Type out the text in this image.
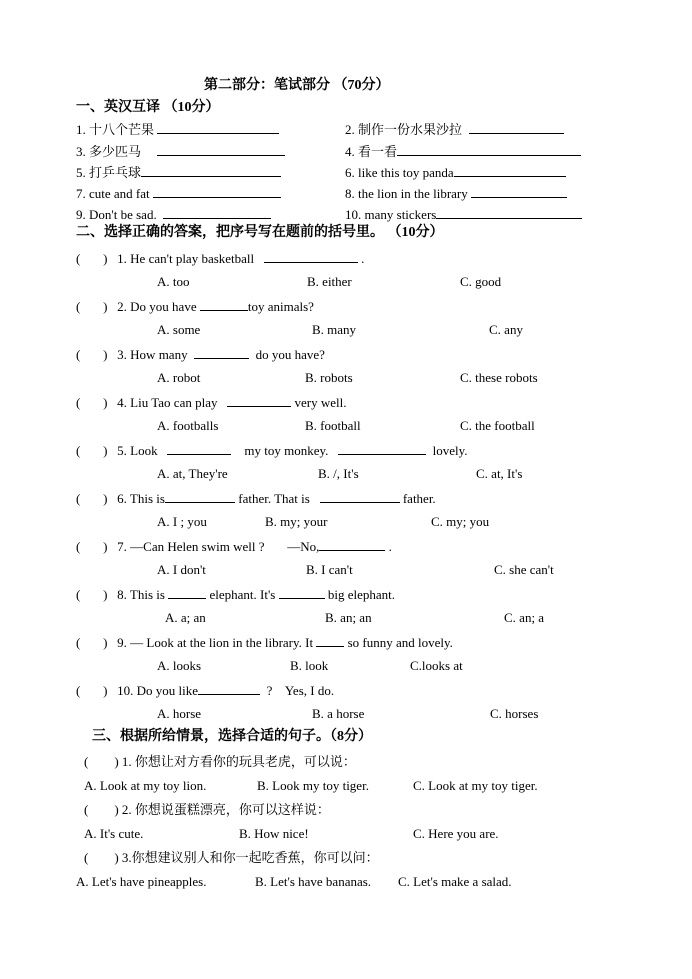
第二部分：笔试部分 （70分）
一、英汉互译 （10分）
1. 十八个芒果	2. 制作一份水果沙拉
3. 多少匹马	4. 看一看
5. 打乒乓球	6. like this toy panda
7. cute and fat	8. the lion in the library
9. Don't be sad.	10. many stickers
二、选择正确的答案，把序号写在题前的括号里。 （10分）
(       ) 1. He can't play basketball	.
A. too	B. either	C. good
(       ) 2. Do you have	toy animals?
A. some	B. many	C. any
(       ) 3. How many	do you have?
A. robot	B. robots	C. these robots
(       ) 4. Liu Tao can play	very well.
A. footballs	B. football	C. the football
(       ) 5. Look	my toy monkey.	lovely.
A. at, They're	B. /, It's	C. at, It's
(       ) 6. This is	father. That is	father.
A. I ; you	B. my; your	C. my; you
(       ) 7. —Can Helen swim well ? —No,	.
A. I don't	B. I can't	C. she can't
(       ) 8. This is	elephant. It's	big elephant.
A. a; an	B. an; an	C. an; a
(       ) 9. — Look at the lion in the library. It	so funny and lovely.
A. looks	B. look	C.looks at
(       ) 10. Do you like	?    Yes, I do.
A. horse	B. a horse	C. horses
三、根据所给情景，选择合适的句子。（8分）
(        ) 1. 你想让对方看你的玩具老虎，可以说：
A. Look at my toy lion.	B. Look my toy tiger.	C. Look at my toy tiger.
(        ) 2. 你想说蛋糕漂亮，你可以这样说：
A. It's cute.	B. How nice!	C. Here you are.
(        ) 3.你想建议别人和你一起吃香蕉，你可以问：
A. Let's have pineapples.	B. Let's have bananas. C. Let's make a salad.
